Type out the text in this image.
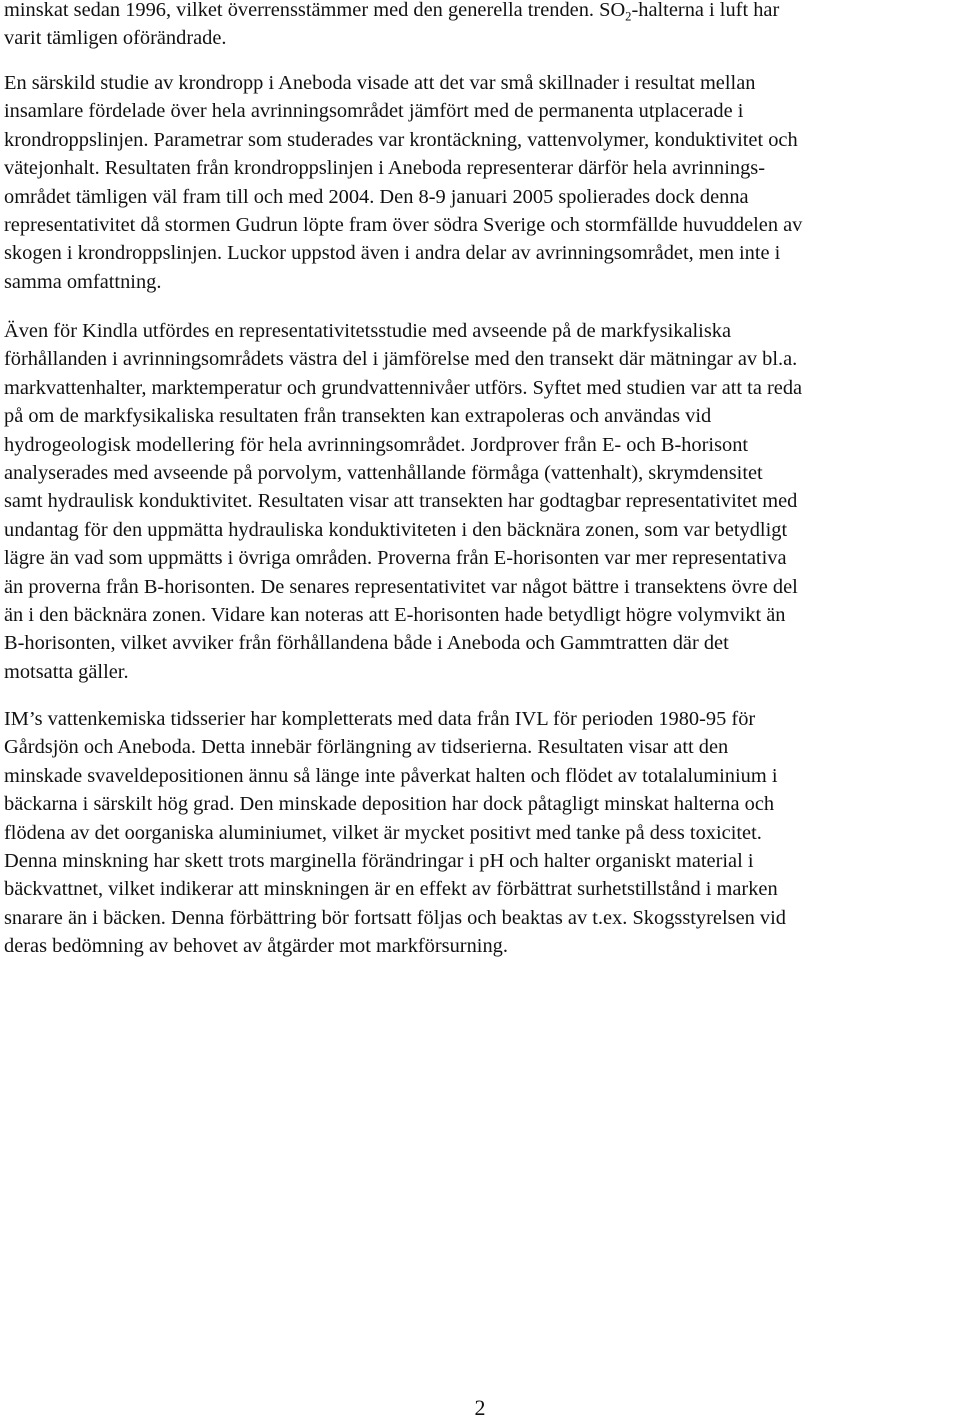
minskat sedan 1996, vilket överrensstämmer med den generella trenden. $SO_2$-halterna i luft har
varit tämligen oförändrade.

En särskild studie av krondropp i Aneboda visade att det var små skillnader i resultat mellan
insamlare fördelade över hela avrinningsområdet jämfört med de permanenta utplacerade i
krondroppslinjen. Parametrar som studerades var krontäckning, vattenvolymer, konduktivitet och
vätejonhalt. Resultaten från krondroppslinjen i Aneboda representerar därför hela avrinnings-
området tämligen väl fram till och med 2004. Den 8-9 januari 2005 spolierades dock denna
representativitet då stormen Gudrun löpte fram över södra Sverige och stormfällde huvuddelen av
skogen i krondroppslinjen. Luckor uppstod även i andra delar av avrinningsområdet, men inte i
samma omfattning.

Även för Kindla utfördes en representativitetsstudie med avseende på de markfysikaliska
förhållanden i avrinningsområdets västra del i jämförelse med den transekt där mätningar av bl.a.
markvattenhalter, marktemperatur och grundvattennivåer utförs. Syftet med studien var att ta reda
på om de markfysikaliska resultaten från transekten kan extrapoleras och användas vid
hydrogeologisk modellering för hela avrinningsområdet. Jordprover från E- och B-horisont
analyserades med avseende på porvolym, vattenhållande förmåga (vattenhalt), skrymdensitet
samt hydraulisk konduktivitet. Resultaten visar att transekten har godtagbar representativitet med
undantag för den uppmätta hydrauliska konduktiviteten i den bäcknära zonen, som var betydligt
lägre än vad som uppmätts i övriga områden. Proverna från E-horisonten var mer representativa
än proverna från B-horisonten. De senares representativitet var något bättre i transektens övre del
än i den bäcknära zonen. Vidare kan noteras att E-horisonten hade betydligt högre volymvikt än
B-horisonten, vilket avviker från förhållandena både i Aneboda och Gammtratten där det
motsatta gäller.

IM’s vattenkemiska tidsserier har kompletterats med data från IVL för perioden 1980-95 för
Gårdsjön och Aneboda. Detta innebär förlängning av tidserierna. Resultaten visar att den
minskade svaveldepositionen ännu så länge inte påverkat halten och flödet av totalaluminium i
bäckarna i särskilt hög grad. Den minskade deposition har dock påtagligt minskat halterna och
flödena av det oorganiska aluminiumet, vilket är mycket positivt med tanke på dess toxicitet.
Denna minskning har skett trots marginella förändringar i pH och halter organiskt material i
bäckvattnet, vilket indikerar att minskningen är en effekt av förbättrat surhetstillstånd i marken
snarare än i bäcken. Denna förbättring bör fortsatt följas och beaktas av t.ex. Skogsstyrelsen vid
deras bedömning av behovet av åtgärder mot markförsurning.

2
